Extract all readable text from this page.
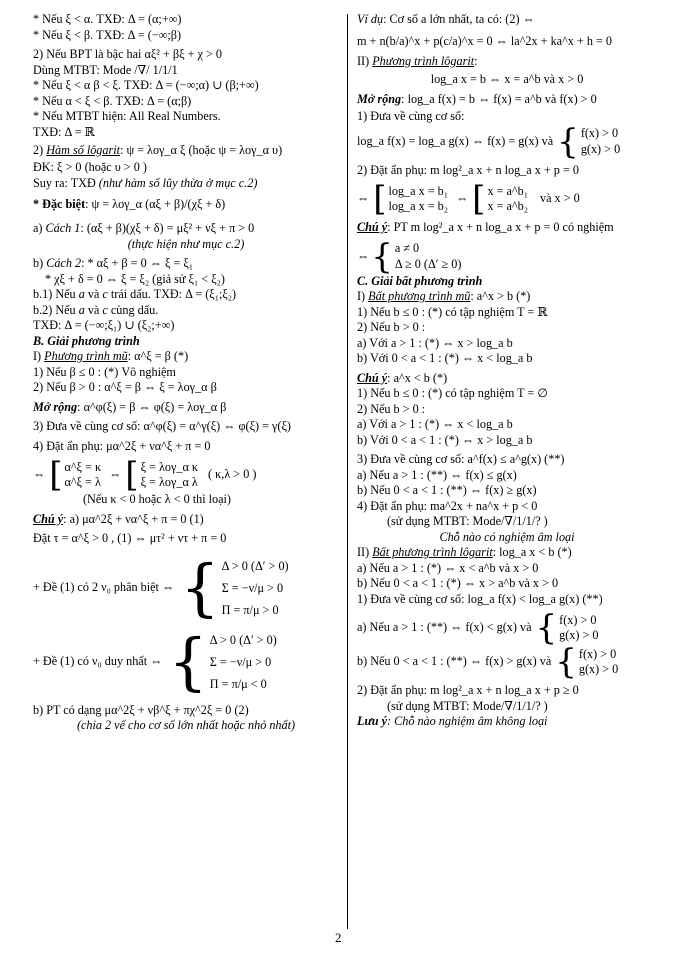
* Nếu ξ < α. TXĐ: Δ = (α;+∞)
* Nếu ξ < β. TXĐ: Δ = (−∞;β)
2) Nếu BPT là bậc hai αξ² + βξ + χ > 0
Dùng MTBT: Mode /∇/ 1/1/1
* Nếu ξ < α β < ξ. TXĐ: Δ = (−∞;α) ∪ (β;+∞)
* Nếu α < ξ < β. TXĐ: Δ = (α;β)
* Nếu MTBT hiện: All Real Numbers.
TXĐ: Δ = ℝ
2) Hàm số lôgarit: ψ = λογ_α ξ (hoặc ψ = λογ_α υ)
ĐK: ξ > 0 (hoặc υ > 0 )
Suy ra: TXĐ (như hàm số lũy thừa ở mục c.2)
* Đặc biệt: ψ = λογ_α (αξ + β)/(χξ + δ)
a) Cách 1: (αξ + β)(χξ + δ) = μξ² + νξ + π > 0
(thực hiện như mục c.2)
b) Cách 2: * αξ + β = 0 ⇔ ξ = ξ₁
* χξ + δ = 0 ⇔ ξ = ξ₂ (giả sử ξ₁ < ξ₂)
b.1) Nếu a và c trái dấu. TXĐ: Δ = (ξ₁;ξ₂)
b.2) Nếu a và c cùng dấu.
TXĐ: Δ = (−∞;ξ₁) ∪ (ξ₂;+∞)
B. Giải phương trình
I) Phương trình mũ: α^ξ = β (*)
1) Nếu β ≤ 0 : (*) Vô nghiệm
2) Nếu β > 0 : α^ξ = β ⇔ ξ = λογ_α β
Mở rộng: α^φ(ξ) = β ⇔ φ(ξ) = λογ_α β
3) Đưa về cùng cơ số: α^φ(ξ) = α^γ(ξ) ⇔ φ(ξ) = γ(ξ)
4) Đặt ẩn phụ: μα^2ξ + να^ξ + π = 0
⇔ [ α^ξ = κ
α^ξ = λ
⇔ [ ξ = λογ_α κ
ξ = λογ_α λ
( κ,λ > 0 )
(Nếu κ < 0 hoặc λ < 0 thì loại)
Chú ý: a) μα^2ξ + να^ξ + π = 0 (1)
Đặt τ = α^ξ > 0 , (1) ⇔ μτ² + ντ + π = 0
+ Đề (1) có 2 ν₀ phân biệt ⇔ { Δ > 0 (Δ′ > 0)
Σ = −ν/μ > 0
Π = π/μ > 0
+ Đề (1) có ν₀ duy nhất ⇔ { Δ > 0 (Δ′ > 0)
Σ = −ν/μ > 0
Π = π/μ < 0
b) PT có dạng μα^2ξ + νβ^ξ + πχ^2ξ = 0 (2)
(chia 2 vế cho cơ số lớn nhất hoặc nhỏ nhất)
Ví dụ: Cơ số a lớn nhất, ta có: (2) ⇔
m + n(b/a)^x + p(c/a)^x = 0 ⇔ la^2x + ka^x + h = 0
II) Phương trình lôgarit:
log_a x = b ⇔ x = a^b và x > 0
Mở rộng: log_a f(x) = b ⇔ f(x) = a^b và f(x) > 0
1) Đưa về cùng cơ số:
log_a f(x) = log_a g(x) ⇔ f(x) = g(x) và { f(x) > 0
g(x) > 0
2) Đặt ẩn phụ: m log²_a x + n log_a x + p = 0
⇔ [ log_a x = b₁
log_a x = b₂
⇔ [ x = a^b₁
x = a^b₂
và x > 0
Chú ý: PT m log²_a x + n log_a x + p = 0 có nghiệm
⇔ { a ≠ 0
Δ ≥ 0 (Δ′ ≥ 0)
C. Giải bất phương trình
I) Bất phương trình mũ: a^x > b (*)
1) Nếu b ≤ 0 : (*) có tập nghiệm T = ℝ
2) Nếu b > 0 :
a) Với a > 1 : (*) ⇔ x > log_a b
b) Với 0 < a < 1 : (*) ⇔ x < log_a b
Chú ý: a^x < b (*)
1) Nếu b ≤ 0 : (*) có tập nghiệm T = ∅
2) Nếu b > 0 :
a) Với a > 1 : (*) ⇔ x < log_a b
b) Với 0 < a < 1 : (*) ⇔ x > log_a b
3) Đưa về cùng cơ số: a^f(x) ≤ a^g(x) (**)
a) Nếu a > 1 : (**) ⇔ f(x) ≤ g(x)
b) Nếu 0 < a < 1 : (**) ⇔ f(x) ≥ g(x)
4) Đặt ẩn phụ: ma^2x + na^x + p < 0
(sử dụng MTBT: Mode/∇/1/1/? )
Chỗ nào có nghiệm âm loại
II) Bất phương trình lôgarit: log_a x < b (*)
a) Nếu a > 1 : (*) ⇔ x < a^b và x > 0
b) Nếu 0 < a < 1 : (*) ⇔ x > a^b và x > 0
1) Đưa về cùng cơ số: log_a f(x) < log_a g(x) (**)
a) Nếu a > 1 : (**) ⇔ f(x) < g(x) và { f(x) > 0
g(x) > 0
b) Nếu 0 < a < 1 : (**) ⇔ f(x) > g(x) và { f(x) > 0
g(x) > 0
2) Đặt ẩn phụ: m log²_a x + n log_a x + p ≥ 0
(sử dụng MTBT: Mode/∇/1/1/? )
Lưu ý: Chỗ nào nghiệm âm không loại
2
